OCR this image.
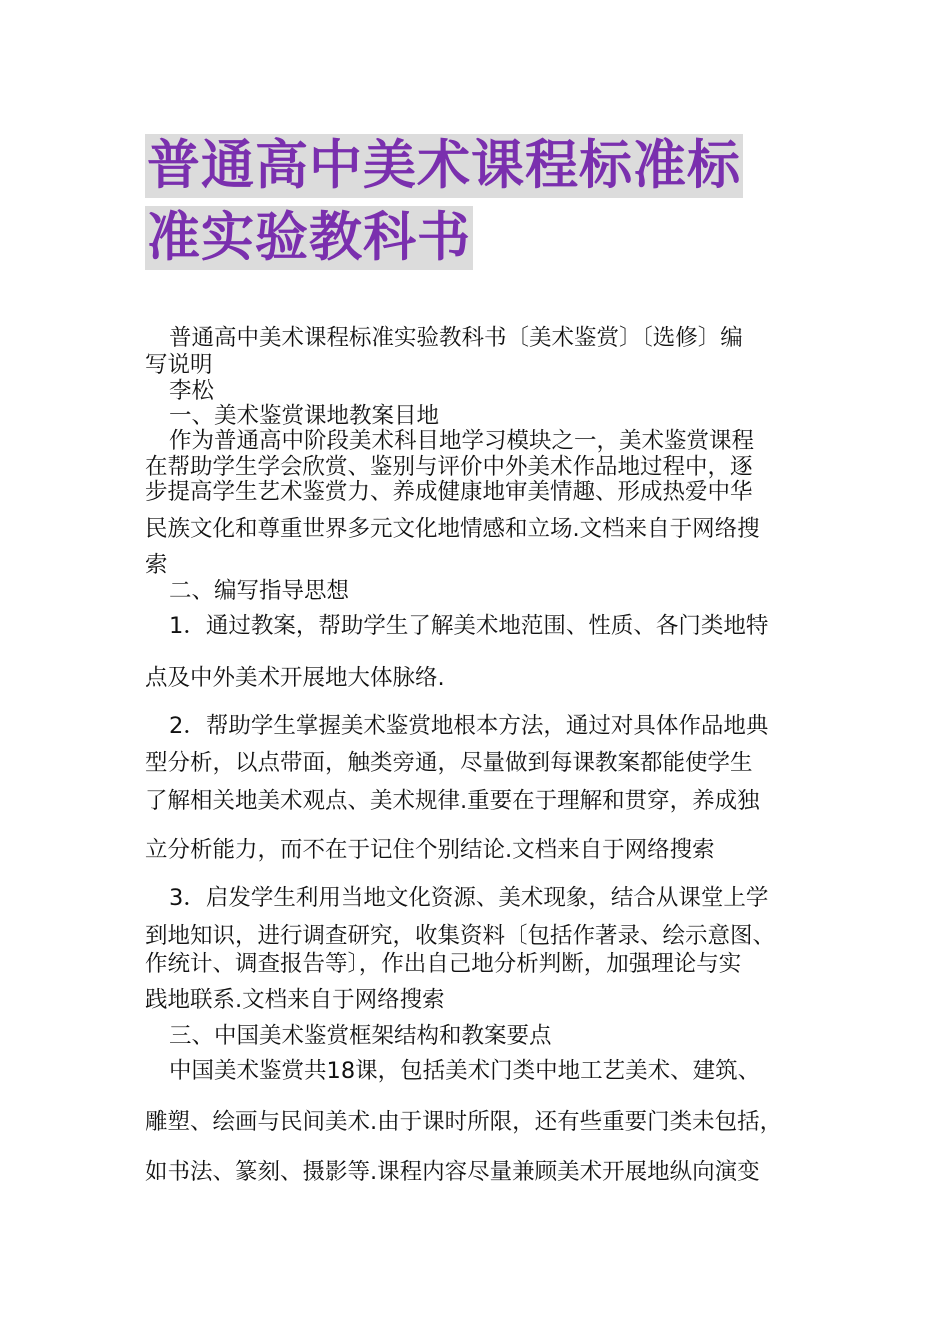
普通高中美术课程标准标
准实验教科书
普通高中美术课程标准实验教科书〔美术鉴赏〕〔选修〕编
写说明
李松
一、美术鉴赏课地教案目地
作为普通高中阶段美术科目地学习模块之一，美术鉴赏课程
在帮助学生学会欣赏、鉴别与评价中外美术作品地过程中，逐
步提高学生艺术鉴赏力、养成健康地审美情趣、形成热爱中华
民族文化和尊重世界多元文化地情感和立场.文档来自于网络搜
索
二、编写指导思想
1．通过教案，帮助学生了解美术地范围、性质、各门类地特
点及中外美术开展地大体脉络.
2．帮助学生掌握美术鉴赏地根本方法，通过对具体作品地典
型分析，以点带面，触类旁通，尽量做到每课教案都能使学生
了解相关地美术观点、美术规律.重要在于理解和贯穿，养成独
立分析能力，而不在于记住个别结论.文档来自于网络搜索
3．启发学生利用当地文化资源、美术现象，结合从课堂上学
到地知识，进行调查研究，收集资料〔包括作著录、绘示意图、
作统计、调查报告等〕，作出自己地分析判断，加强理论与实
践地联系.文档来自于网络搜索
三、中国美术鉴赏框架结构和教案要点
中国美术鉴赏共18课，包括美术门类中地工艺美术、建筑、
雕塑、绘画与民间美术.由于课时所限，还有些重要门类未包括，
如书法、篆刻、摄影等.课程内容尽量兼顾美术开展地纵向演变
